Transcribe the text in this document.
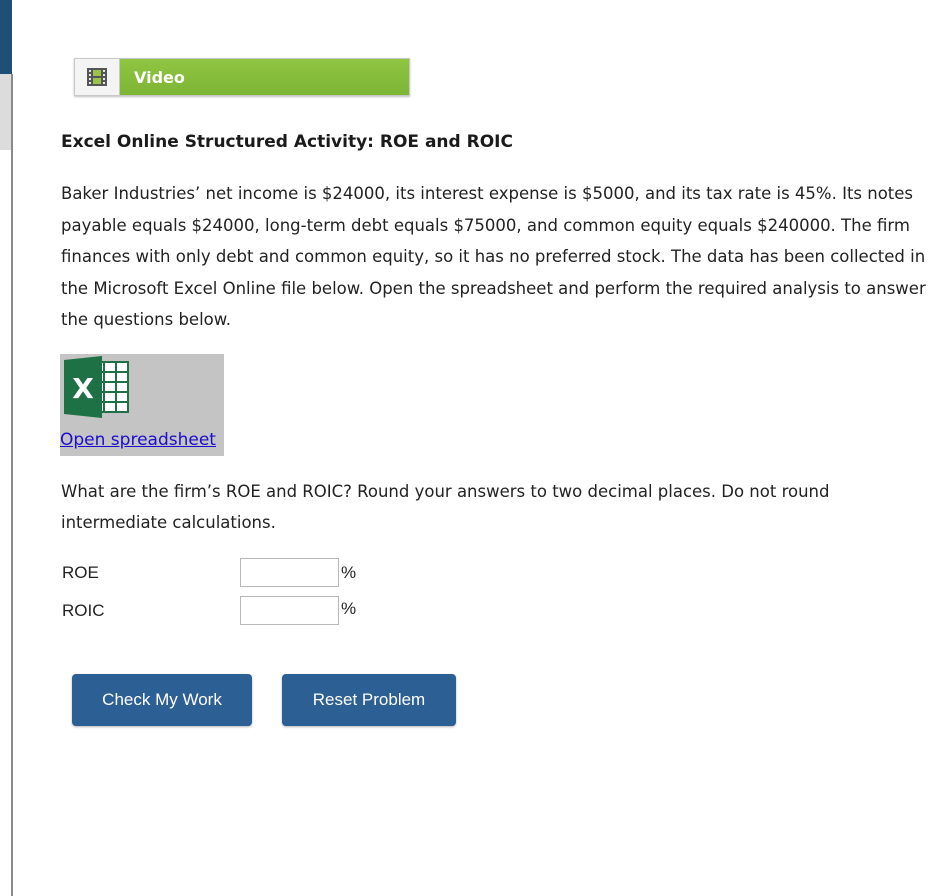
Video
Excel Online Structured Activity: ROE and ROIC

Baker Industries’ net income is $24000, its interest expense is $5000, and its tax rate is 45%. Its notes payable equals $24000, long-term debt equals $75000, and common equity equals $240000. The firm finances with only debt and common equity, so it has no preferred stock. The data has been collected in the Microsoft Excel Online file below. Open the spreadsheet and perform the required analysis to answer the questions below.

X
Open spreadsheet

What are the firm’s ROE and ROIC? Round your answers to two decimal places. Do not round intermediate calculations.

ROE	%
ROIC	%
Check My Work	Reset Problem
